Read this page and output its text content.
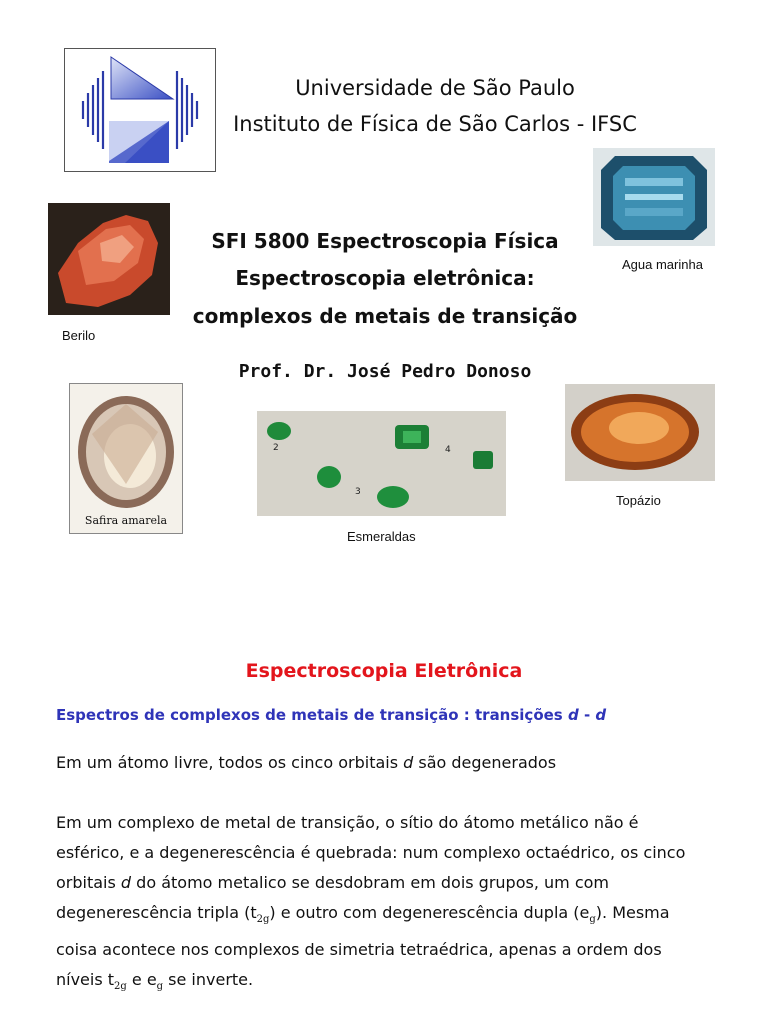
Universidade de São Paulo
Instituto de Física de São Carlos - IFSC
Agua marinha
Berilo
SFI 5800 Espectroscopia Física
Espectroscopia eletrônica:
complexos de metais de transição
Prof. Dr. José Pedro Donoso
Safira amarela
2
3
4
Esmeraldas
Topázio
Espectroscopia Eletrônica
Espectros de complexos de metais de transição : transições d - d
Em um átomo livre, todos os cinco orbitais d são degenerados
Em um complexo de metal de transição, o sítio do átomo metálico não é
esférico, e a degenerescência é quebrada: num complexo octaédrico, os cinco
orbitais d do átomo metalico se desdobram em dois grupos, um com
degenerescência tripla $(t_{2g})$ e outro com degenerescência dupla $(e_g)$. Mesma
coisa acontece nos complexos de simetria tetraédrica, apenas a ordem dos
níveis $t_{2g}$ e $e_g$ se inverte.
